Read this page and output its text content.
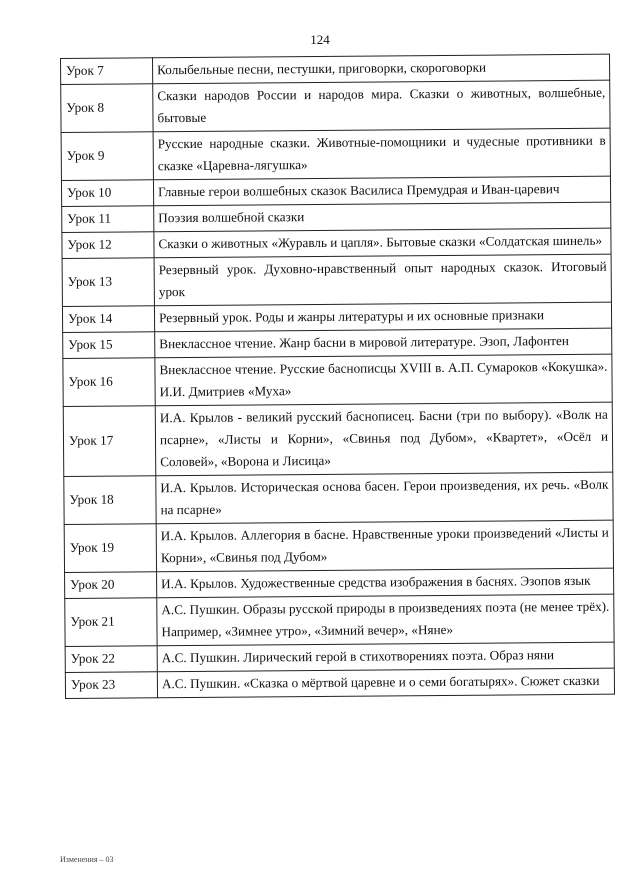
124
Урок 7	Колыбельные песни, пестушки, приговорки, скороговорки
Урок 8	Сказки народов России и народов мира. Сказки о животных, волшебные, бытовые
Урок 9	Русские народные сказки. Животные-помощники и чудесные противники в сказке «Царевна-лягушка»
Урок 10	Главные герои волшебных сказок Василиса Премудрая и Иван-царевич
Урок 11	Поэзия волшебной сказки
Урок 12	Сказки о животных «Журавль и цапля». Бытовые сказки «Солдатская шинель»
Урок 13	Резервный урок. Духовно-нравственный опыт народных сказок. Итоговый урок
Урок 14	Резервный урок. Роды и жанры литературы и их основные признаки
Урок 15	Внеклассное чтение. Жанр басни в мировой литературе. Эзоп, Лафонтен
Урок 16	Внеклассное чтение. Русские баснописцы XVIII в. А.П. Сумароков «Кокушка». И.И. Дмитриев «Муха»
Урок 17	И.А. Крылов - великий русский баснописец. Басни (три по выбору). «Волк на псарне», «Листы и Корни», «Свинья под Дубом», «Квартет», «Осёл и Соловей», «Ворона и Лисица»
Урок 18	И.А. Крылов. Историческая основа басен. Герои произведения, их речь. «Волк на псарне»
Урок 19	И.А. Крылов. Аллегория в басне. Нравственные уроки произведений «Листы и Корни», «Свинья под Дубом»
Урок 20	И.А. Крылов. Художественные средства изображения в баснях. Эзопов язык
Урок 21	А.С. Пушкин. Образы русской природы в произведениях поэта (не менее трёх). Например, «Зимнее утро», «Зимний вечер», «Няне»
Урок 22	А.С. Пушкин. Лирический герой в стихотворениях поэта. Образ няни
Урок 23	А.С. Пушкин. «Сказка о мёртвой царевне и о семи богатырях». Сюжет сказки
Изменения – 03
